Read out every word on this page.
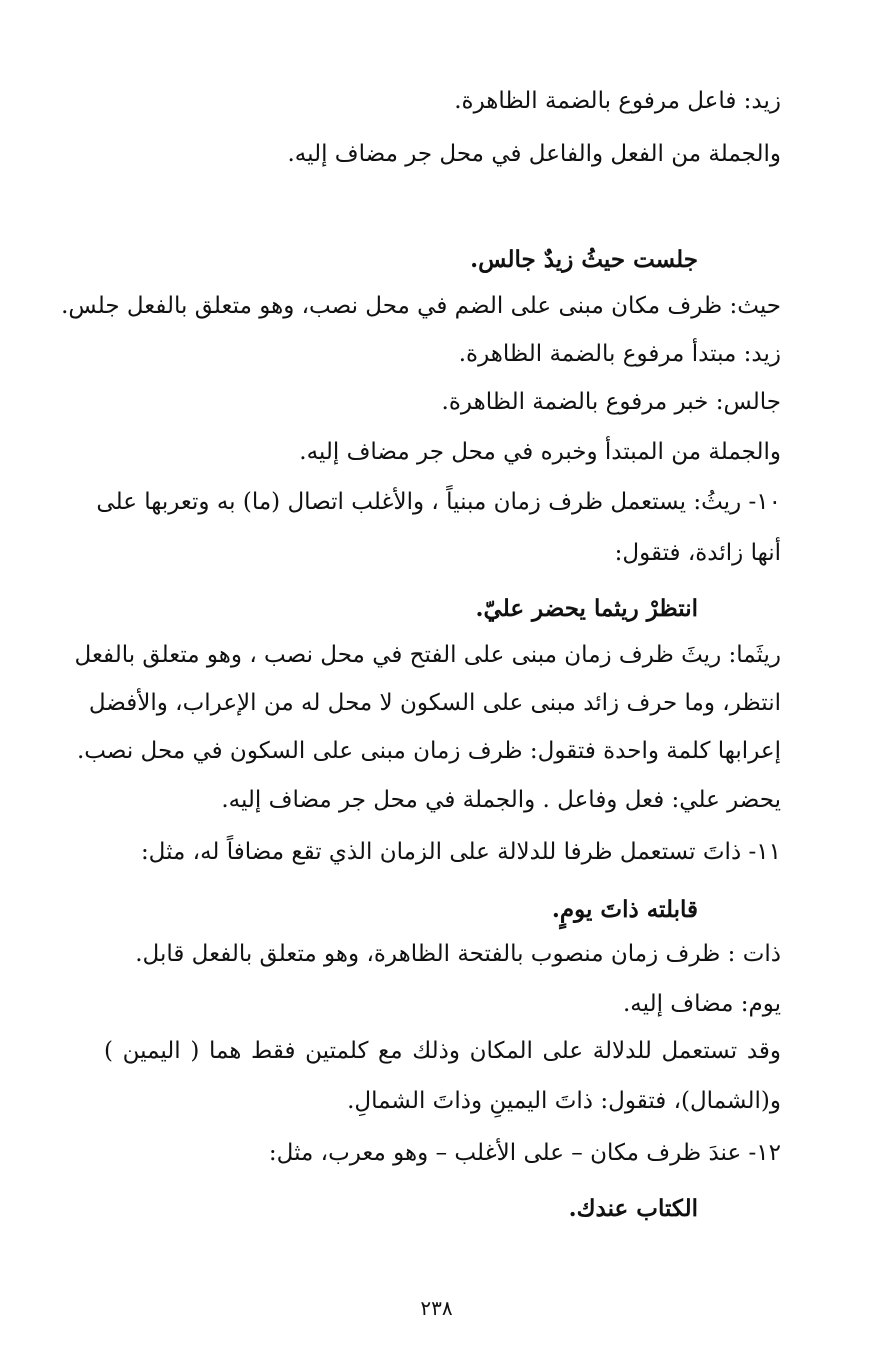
زيد: فاعل مرفوع بالضمة الظاهرة.
والجملة من الفعل والفاعل في محل جر مضاف إليه.
جلست حيثُ زيدٌ جالس.
حيث: ظرف مكان مبنى على الضم في محل نصب، وهو متعلق بالفعل جلس.
زيد: مبتدأ مرفوع بالضمة الظاهرة.
جالس: خبر مرفوع بالضمة الظاهرة.
والجملة من المبتدأ وخبره في محل جر مضاف إليه.
١٠- ريثُ: يستعمل ظرف زمان مبنياً ، والأغلب اتصال (ما) به وتعربها على
أنها زائدة، فتقول:
انتظرْ ريثما يحضر عليّ.
ريثَما: ريثَ ظرف زمان مبنى على الفتح في محل نصب ، وهو متعلق بالفعل
انتظر، وما حرف زائد مبنى على السكون لا محل له من الإعراب، والأفضل
إعرابها كلمة واحدة فتقول: ظرف زمان مبنى على السكون في محل نصب.
يحضر علي: فعل وفاعل . والجملة في محل جر مضاف إليه.
١١- ذاتَ تستعمل ظرفا للدلالة على الزمان الذي تقع مضافاً له، مثل:
قابلته ذاتَ يومٍ.
ذات : ظرف زمان منصوب بالفتحة الظاهرة، وهو متعلق بالفعل قابل.
يوم: مضاف إليه.
وقد تستعمل للدلالة على المكان وذلك مع كلمتين فقط هما ( اليمين )
و(الشمال)، فتقول: ذاتَ اليمينِ وذاتَ الشمالِ.
١٢- عندَ ظرف مكان – على الأغلب – وهو معرب، مثل:
الكتاب عندك.
٢٣٨
